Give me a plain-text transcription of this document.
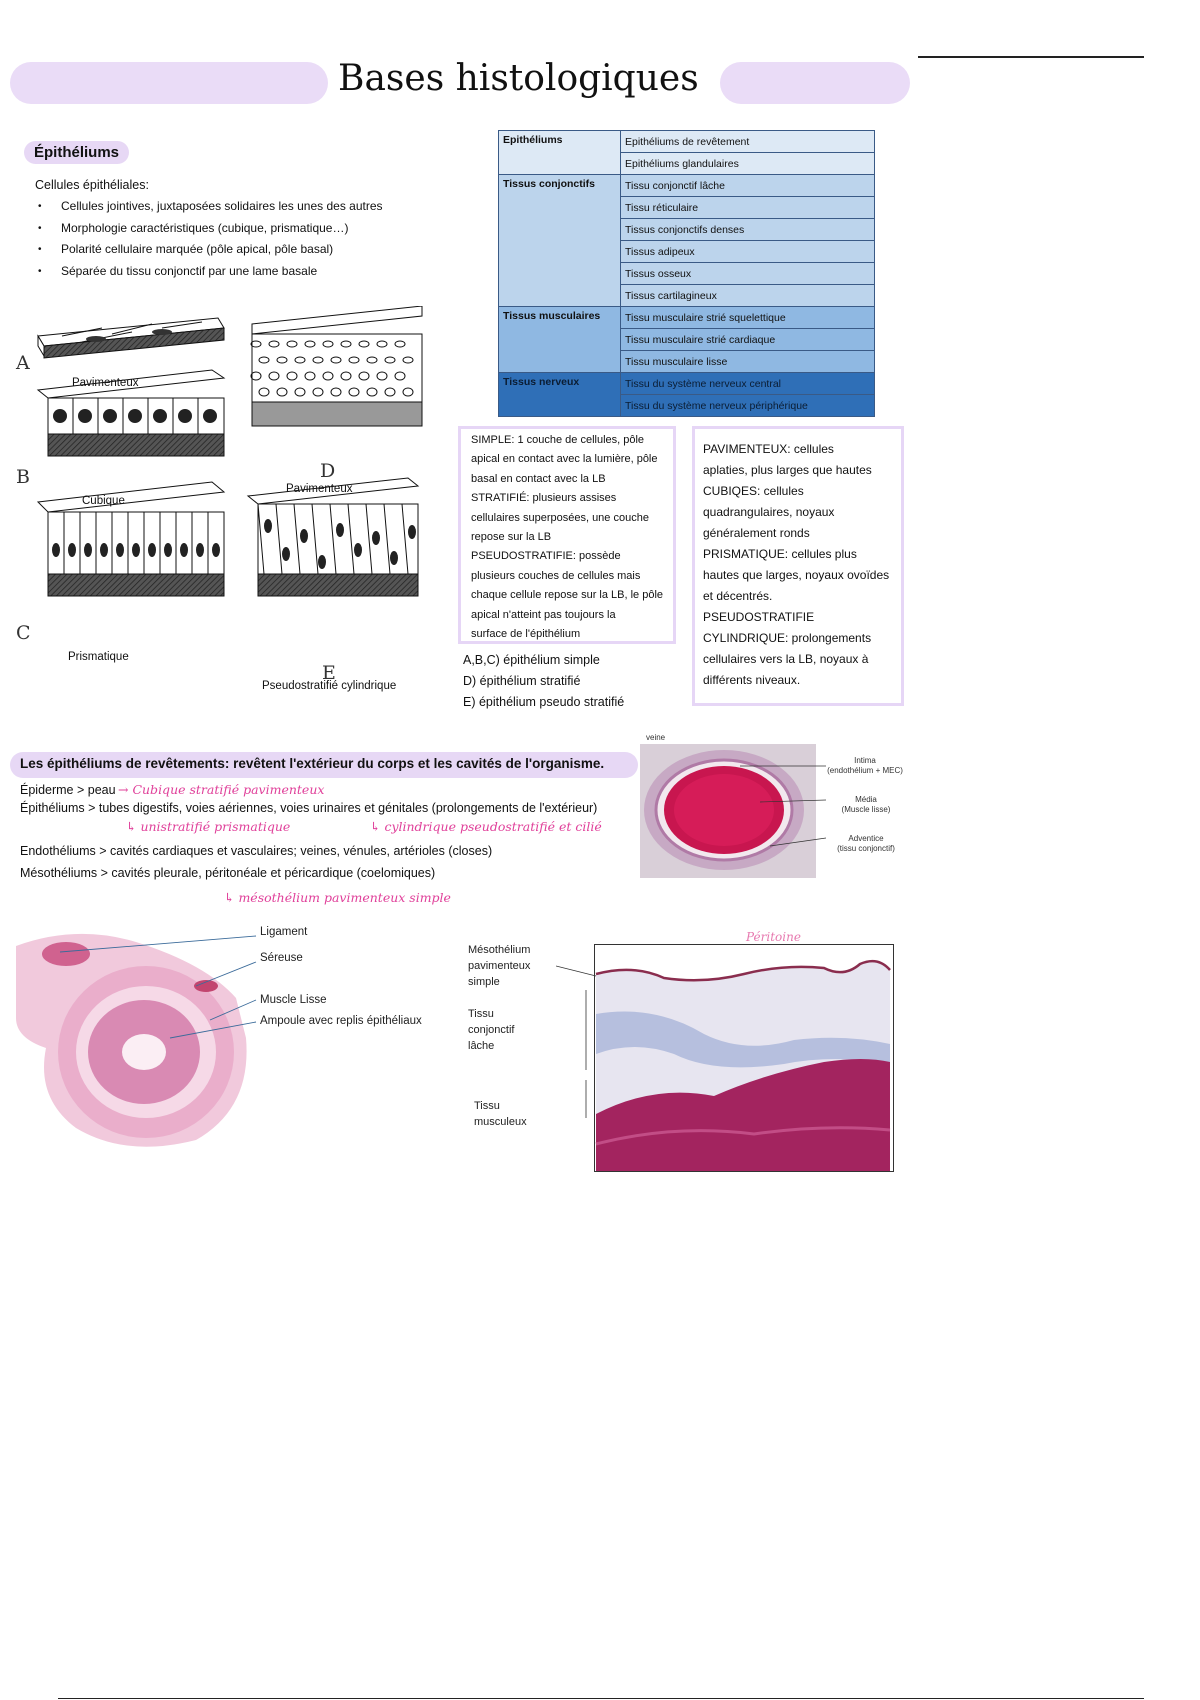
Bases histologiques
Épithéliums
Cellules épithéliales:
• Cellules jointives, juxtaposées solidaires les unes des autres
• Morphologie caractéristiques (cubique, prismatique…)
• Polarité cellulaire marquée (pôle apical, pôle basal)
• Séparée du tissu conjonctif par une lame basale
Epithéliums	Epithéliums de revêtement
	Epithéliums glandulaires
Tissus conjonctifs	Tissu conjonctif lâche
	Tissu réticulaire
	Tissus conjonctifs denses
	Tissus adipeux
	Tissus osseux
	Tissus cartilagineux
Tissus musculaires	Tissu musculaire strié squelettique
	Tissu musculaire strié cardiaque
	Tissu musculaire lisse
Tissus nerveux	Tissu du système nerveux central
	Tissu du système nerveux périphérique
A
B
C
D
E
Pavimenteux
Cubique
Prismatique
Pavimenteux
Pseudostratifié cylindrique

SIMPLE: 1 couche de cellules, pôle

apical en contact avec la lumière, pôle

basal en contact avec la LB

STRATIFIÉ: plusieurs assises

cellulaires superposées, une couche

repose sur la LB

PSEUDOSTRATIFIE: possède

plusieurs couches de cellules mais

chaque cellule repose sur la LB, le pôle

apical n'atteint pas toujours la

surface de l'épithélium

A,B,C) épithélium simple
D) épithélium stratifié
E) épithélium pseudo stratifié

PAVIMENTEUX: cellules

aplaties, plus larges que hautes

CUBIQES: cellules

quadrangulaires, noyaux

généralement ronds

PRISMATIQUE: cellules plus

hautes que larges, noyaux ovoïdes

et décentrés.

PSEUDOSTRATIFIE

CYLINDRIQUE: prolongements

cellulaires vers la LB, noyaux à

différents niveaux.

Les épithéliums de revêtements: revêtent l'extérieur du corps et les cavités de l'organisme.
Épiderme > peau → Cubique stratifié pavimenteux
Épithéliums > tubes digestifs, voies aériennes, voies urinaires et génitales (prolongements de l'extérieur)
↳ unistratifié prismatique	↳ cylindrique pseudostratifié et cilié
Endothéliums > cavités cardiaques et vasculaires; veines, vénules, artérioles (closes)
Mésothéliums > cavités pleurale, péritonéale et péricardique (coelomiques)
↳ mésothélium pavimenteux simple
veine
Intima
(endothélium + MEC)
Média
(Muscle lisse)
Adventice
(tissu conjonctif)
Ligament
Séreuse
Muscle Lisse
Ampoule avec replis épithéliaux
Péritoine
Mésothélium
pavimenteux
simple
Tissu
conjonctif
lâche
Tissu
musculeux
